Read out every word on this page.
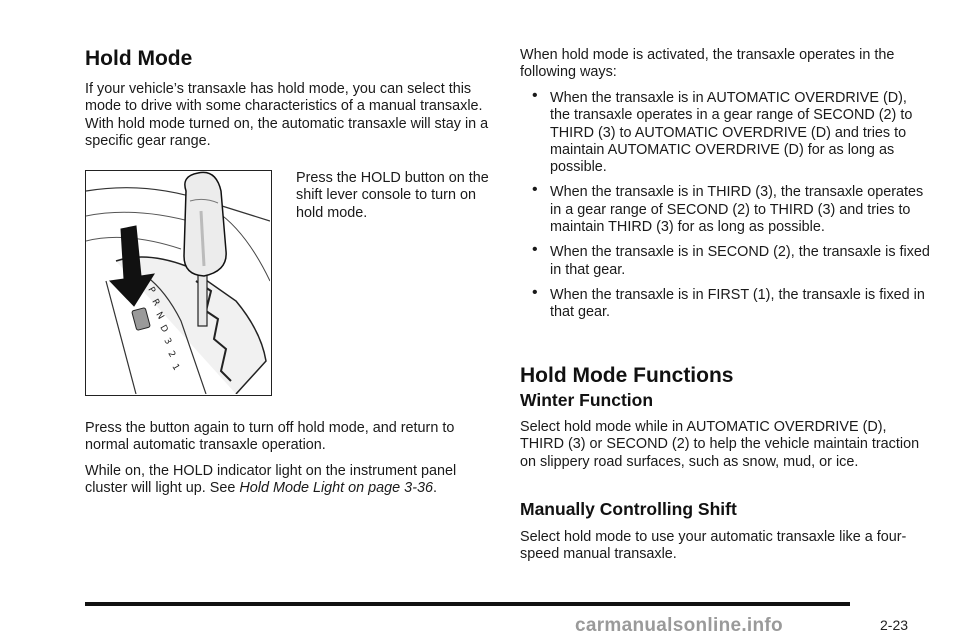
Hold Mode

If your vehicle’s transaxle has hold mode, you can select this mode to drive with some characteristics of a manual transaxle. With hold mode turned on, the automatic transaxle will stay in a specific gear range.

P
R
N
D
3
2
1

Press the HOLD button on the shift lever console to turn on hold mode.

Press the button again to turn off hold mode, and return to normal automatic transaxle operation.

While on, the HOLD indicator light on the instrument panel cluster will light up. See Hold Mode Light on page 3-36.

When hold mode is activated, the transaxle operates in the following ways:

• When the transaxle is in AUTOMATIC OVERDRIVE (D), the transaxle operates in a gear range of SECOND (2) to THIRD (3) to AUTOMATIC OVERDRIVE (D) and tries to maintain AUTOMATIC OVERDRIVE (D) for as long as possible.
• When the transaxle is in THIRD (3), the transaxle operates in a gear range of SECOND (2) to THIRD (3) and tries to maintain THIRD (3) for as long as possible.
• When the transaxle is in SECOND (2), the transaxle is fixed in that gear.
• When the transaxle is in FIRST (1), the transaxle is fixed in that gear.
Hold Mode Functions
Winter Function

Select hold mode while in AUTOMATIC OVERDRIVE (D), THIRD (3) or SECOND (2) to help the vehicle maintain traction on slippery road surfaces, such as snow, mud, or ice.

Manually Controlling Shift

Select hold mode to use your automatic transaxle like a four-speed manual transaxle.

carmanualsonline.info	2-23
